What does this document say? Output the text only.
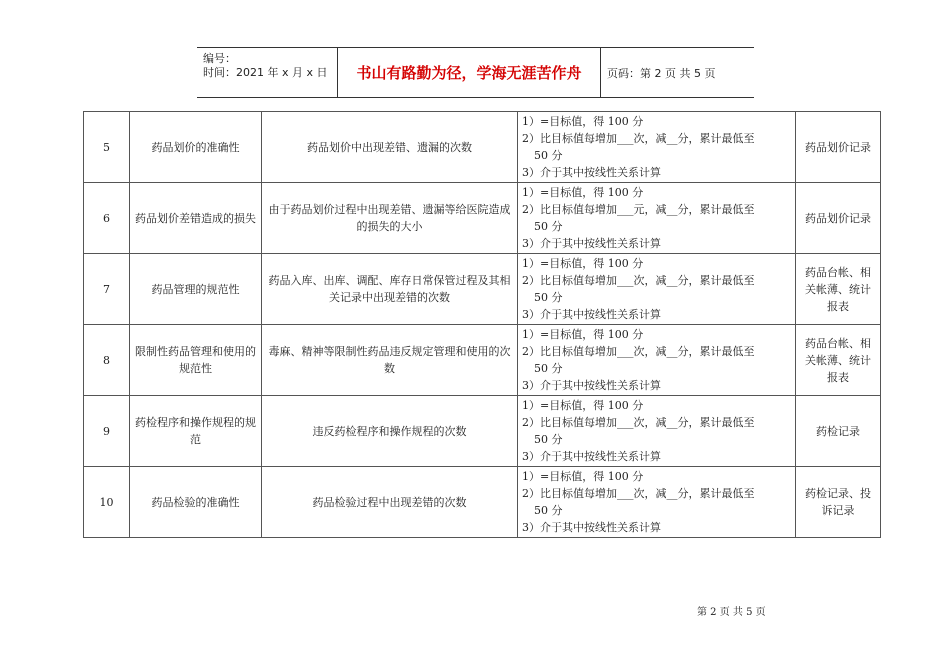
编号：
时间：2021 年 x 月 x 日	书山有路勤为径，学海无涯苦作舟	页码：第 2 页 共 5 页
5	药品划价的准确性	药品划价中出现差错、遗漏的次数	1）=目标值，得 100 分
2）比目标值每增加___次，减__分，累计最低至
50 分
3）介于其中按线性关系计算	药品划价记录
6	药品划价差错造成的损失	由于药品划价过程中出现差错、遗漏等给医院造成的损失的大小	1）=目标值，得 100 分
2）比目标值每增加___元，减__分，累计最低至
50 分
3）介于其中按线性关系计算	药品划价记录
7	药品管理的规范性	药品入库、出库、调配、库存日常保管过程及其相关记录中出现差错的次数	1）=目标值，得 100 分
2）比目标值每增加___次，减__分，累计最低至
50 分
3）介于其中按线性关系计算	药品台帐、相关帐薄、统计报表
8	限制性药品管理和使用的规范性	毒麻、精神等限制性药品违反规定管理和使用的次数	1）=目标值，得 100 分
2）比目标值每增加___次，减__分，累计最低至
50 分
3）介于其中按线性关系计算	药品台帐、相关帐薄、统计报表
9	药检程序和操作规程的规范	违反药检程序和操作规程的次数	1）=目标值，得 100 分
2）比目标值每增加___次，减__分，累计最低至
50 分
3）介于其中按线性关系计算	药检记录
10	药品检验的准确性	药品检验过程中出现差错的次数	1）=目标值，得 100 分
2）比目标值每增加___次，减__分，累计最低至
50 分
3）介于其中按线性关系计算	药检记录、投诉记录
第 2 页 共 5 页
